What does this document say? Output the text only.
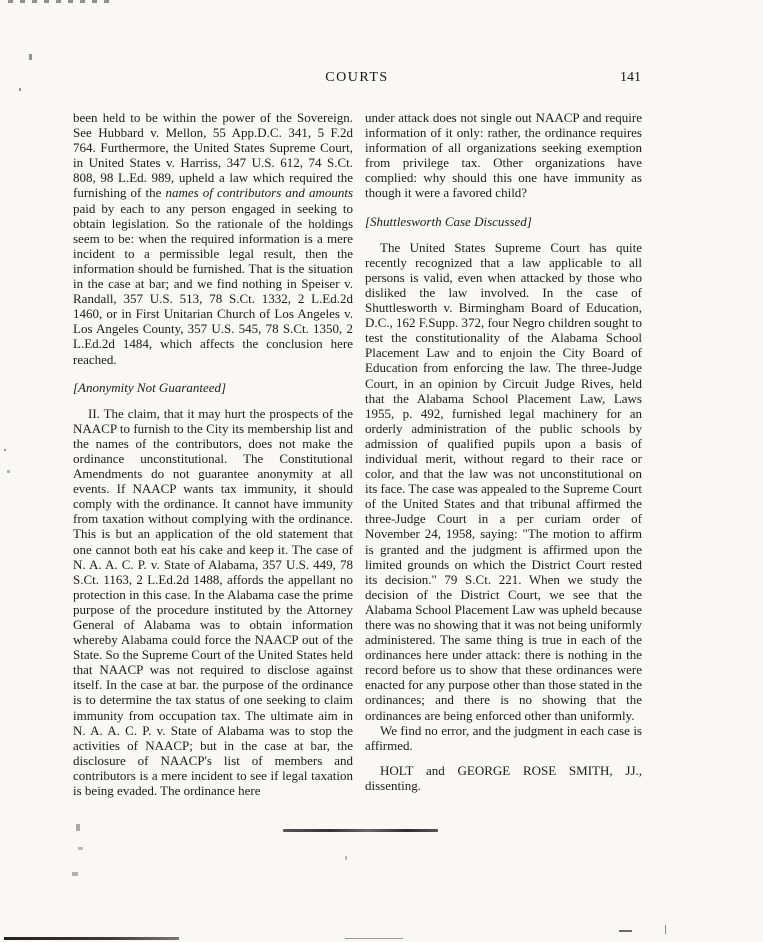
COURTS	141

been held to be within the power of the Sovereign. See Hubbard v. Mellon, 55 App.D.C. 341, 5 F.2d 764. Furthermore, the United States Supreme Court, in United States v. Harriss, 347 U.S. 612, 74 S.Ct. 808, 98 L.Ed. 989, upheld a law which required the furnishing of the names of contributors and amounts paid by each to any person engaged in seeking to obtain legislation. So the rationale of the holdings seem to be: when the required information is a mere incident to a permissible legal result, then the information should be furnished. That is the situation in the case at bar; and we find nothing in Speiser v. Randall, 357 U.S. 513, 78 S.Ct. 1332, 2 L.Ed.2d 1460, or in First Unitarian Church of Los Angeles v. Los Angeles County, 357 U.S. 545, 78 S.Ct. 1350, 2 L.Ed.2d 1484, which affects the conclusion here reached.

[Anonymity Not Guaranteed]

II. The claim, that it may hurt the prospects of the NAACP to furnish to the City its membership list and the names of the contributors, does not make the ordinance unconstitutional. The Constitutional Amendments do not guarantee anonymity at all events. If NAACP wants tax immunity, it should comply with the ordinance. It cannot have immunity from taxation without complying with the ordinance. This is but an application of the old statement that one cannot both eat his cake and keep it. The case of N. A. A. C. P. v. State of Alabama, 357 U.S. 449, 78 S.Ct. 1163, 2 L.Ed.2d 1488, affords the appellant no protection in this case. In the Alabama case the prime purpose of the procedure instituted by the Attorney General of Alabama was to obtain information whereby Alabama could force the NAACP out of the State. So the Supreme Court of the United States held that NAACP was not required to disclose against itself. In the case at bar. the purpose of the ordinance is to determine the tax status of one seeking to claim immunity from occupation tax. The ultimate aim in N. A. A. C. P. v. State of Alabama was to stop the activities of NAACP; but in the case at bar, the disclosure of NAACP's list of members and contributors is a mere incident to see if legal taxation is being evaded. The ordinance here

under attack does not single out NAACP and require information of it only: rather, the ordinance requires information of all organizations seeking exemption from privilege tax. Other organizations have complied: why should this one have immunity as though it were a favored child?

[Shuttlesworth Case Discussed]

The United States Supreme Court has quite recently recognized that a law applicable to all persons is valid, even when attacked by those who disliked the law involved. In the case of Shuttlesworth v. Birmingham Board of Education, D.C., 162 F.Supp. 372, four Negro children sought to test the constitutionality of the Alabama School Placement Law and to enjoin the City Board of Education from enforcing the law. The three-Judge Court, in an opinion by Circuit Judge Rives, held that the Alabama School Placement Law, Laws 1955, p. 492, furnished legal machinery for an orderly administration of the public schools by admission of qualified pupils upon a basis of individual merit, without regard to their race or color, and that the law was not unconstitutional on its face. The case was appealed to the Supreme Court of the United States and that tribunal affirmed the three-Judge Court in a per curiam order of November 24, 1958, saying: "The motion to affirm is granted and the judgment is affirmed upon the limited grounds on which the District Court rested its decision." 79 S.Ct. 221. When we study the decision of the District Court, we see that the Alabama School Placement Law was upheld because there was no showing that it was not being uniformly administered. The same thing is true in each of the ordinances here under attack: there is nothing in the record before us to show that these ordinances were enacted for any purpose other than those stated in the ordinances; and there is no showing that the ordinances are being enforced other than uniformly.

We find no error, and the judgment in each case is affirmed.

HOLT and GEORGE ROSE SMITH, JJ., dissenting.
